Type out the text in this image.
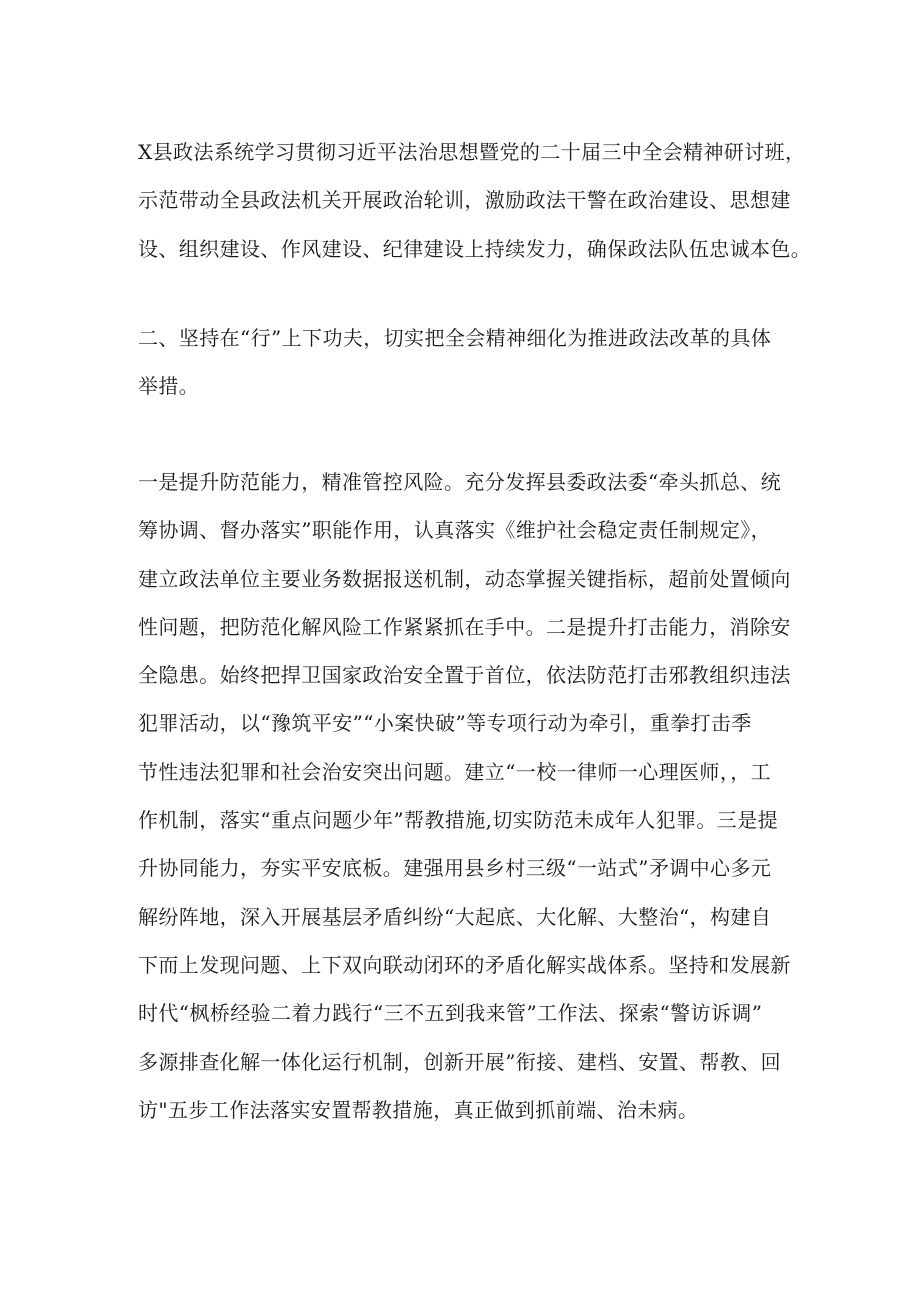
X县政法系统学习贯彻习近平法治思想暨党的二十届三中全会精神研讨班，
示范带动全县政法机关开展政治轮训，激励政法干警在政治建设、思想建
设、组织建设、作风建设、纪律建设上持续发力，确保政法队伍忠诚本色。

二、坚持在“行”上下功夫，切实把全会精神细化为推进政法改革的具体
举措。

一是提升防范能力，精准管控风险。充分发挥县委政法委“牵头抓总、统
筹协调、督办落实”职能作用，认真落实《维护社会稳定责任制规定》，
建立政法单位主要业务数据报送机制，动态掌握关键指标，超前处置倾向
性问题，把防范化解风险工作紧紧抓在手中。二是提升打击能力，消除安
全隐患。始终把捍卫国家政治安全置于首位，依法防范打击邪教组织违法
犯罪活动，以“豫筑平安”“小案快破”等专项行动为牵引，重拳打击季
节性违法犯罪和社会治安突出问题。建立“一校一律师一心理医师，，工
作机制，落实“重点问题少年”帮教措施,切实防范未成年人犯罪。三是提
升协同能力，夯实平安底板。建强用县乡村三级“一站式”矛调中心多元
解纷阵地，深入开展基层矛盾纠纷“大起底、大化解、大整治“，构建自
下而上发现问题、上下双向联动闭环的矛盾化解实战体系。坚持和发展新
时代“枫桥经验二着力践行“三不五到我来管”工作法、探索“警访诉调”
多源排查化解一体化运行机制，创新开展”衔接、建档、安置、帮教、回
访"五步工作法落实安置帮教措施，真正做到抓前端、治未病。
